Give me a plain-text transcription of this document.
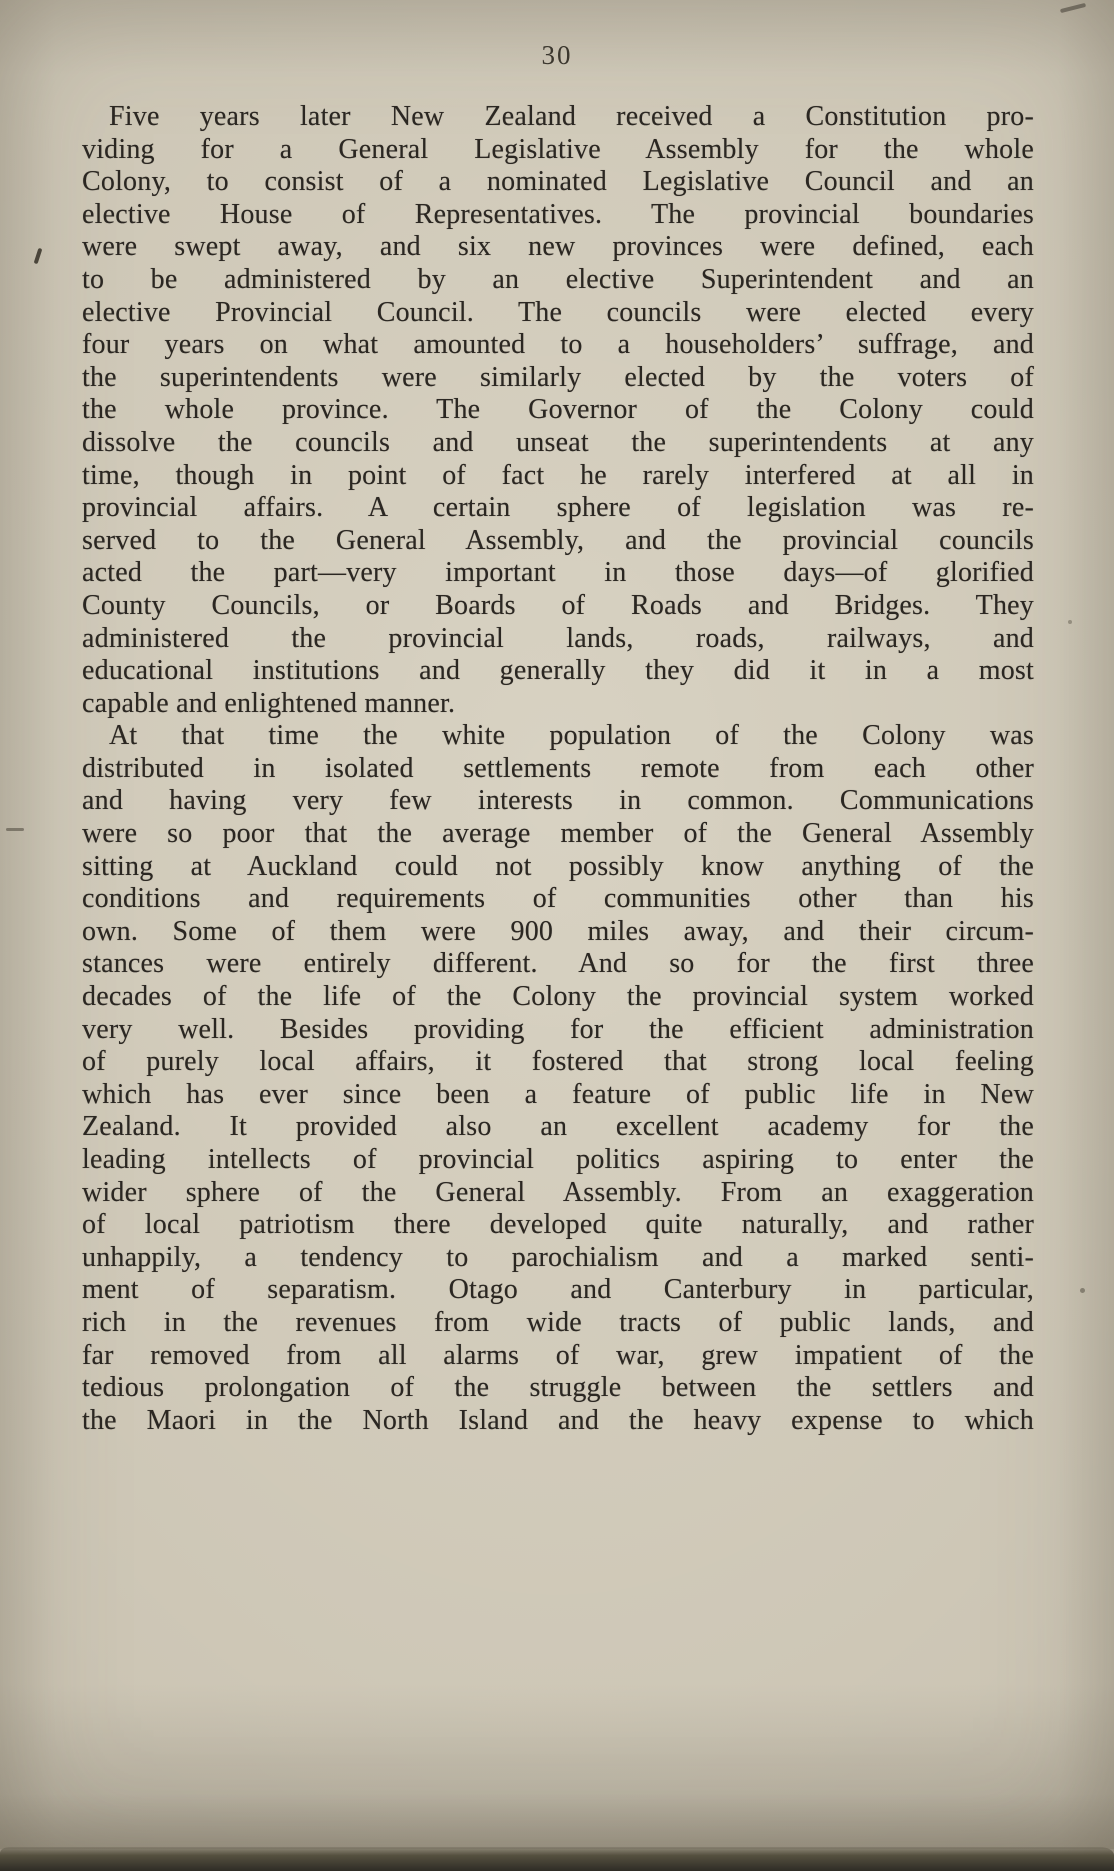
30
Five years later New Zealand received a Constitution pro-
viding for a General Legislative Assembly for the whole
Colony, to consist of a nominated Legislative Council and an
elective House of Representatives. The provincial boundaries
were swept away, and six new provinces were defined, each
to be administered by an elective Superintendent and an
elective Provincial Council. The councils were elected every
four years on what amounted to a householders’ suffrage, and
the superintendents were similarly elected by the voters of
the whole province. The Governor of the Colony could
dissolve the councils and unseat the superintendents at any
time, though in point of fact he rarely interfered at all in
provincial affairs. A certain sphere of legislation was re-
served to the General Assembly, and the provincial councils
acted the part—very important in those days—of glorified
County Councils, or Boards of Roads and Bridges. They
administered the provincial lands, roads, railways, and
educational institutions and generally they did it in a most
capable and enlightened manner.
At that time the white population of the Colony was
distributed in isolated settlements remote from each other
and having very few interests in common. Communications
were so poor that the average member of the General Assembly
sitting at Auckland could not possibly know anything of the
conditions and requirements of communities other than his
own. Some of them were 900 miles away, and their circum-
stances were entirely different. And so for the first three
decades of the life of the Colony the provincial system worked
very well. Besides providing for the efficient administration
of purely local affairs, it fostered that strong local feeling
which has ever since been a feature of public life in New
Zealand. It provided also an excellent academy for the
leading intellects of provincial politics aspiring to enter the
wider sphere of the General Assembly. From an exaggeration
of local patriotism there developed quite naturally, and rather
unhappily, a tendency to parochialism and a marked senti-
ment of separatism. Otago and Canterbury in particular,
rich in the revenues from wide tracts of public lands, and
far removed from all alarms of war, grew impatient of the
tedious prolongation of the struggle between the settlers and
the Maori in the North Island and the heavy expense to which
